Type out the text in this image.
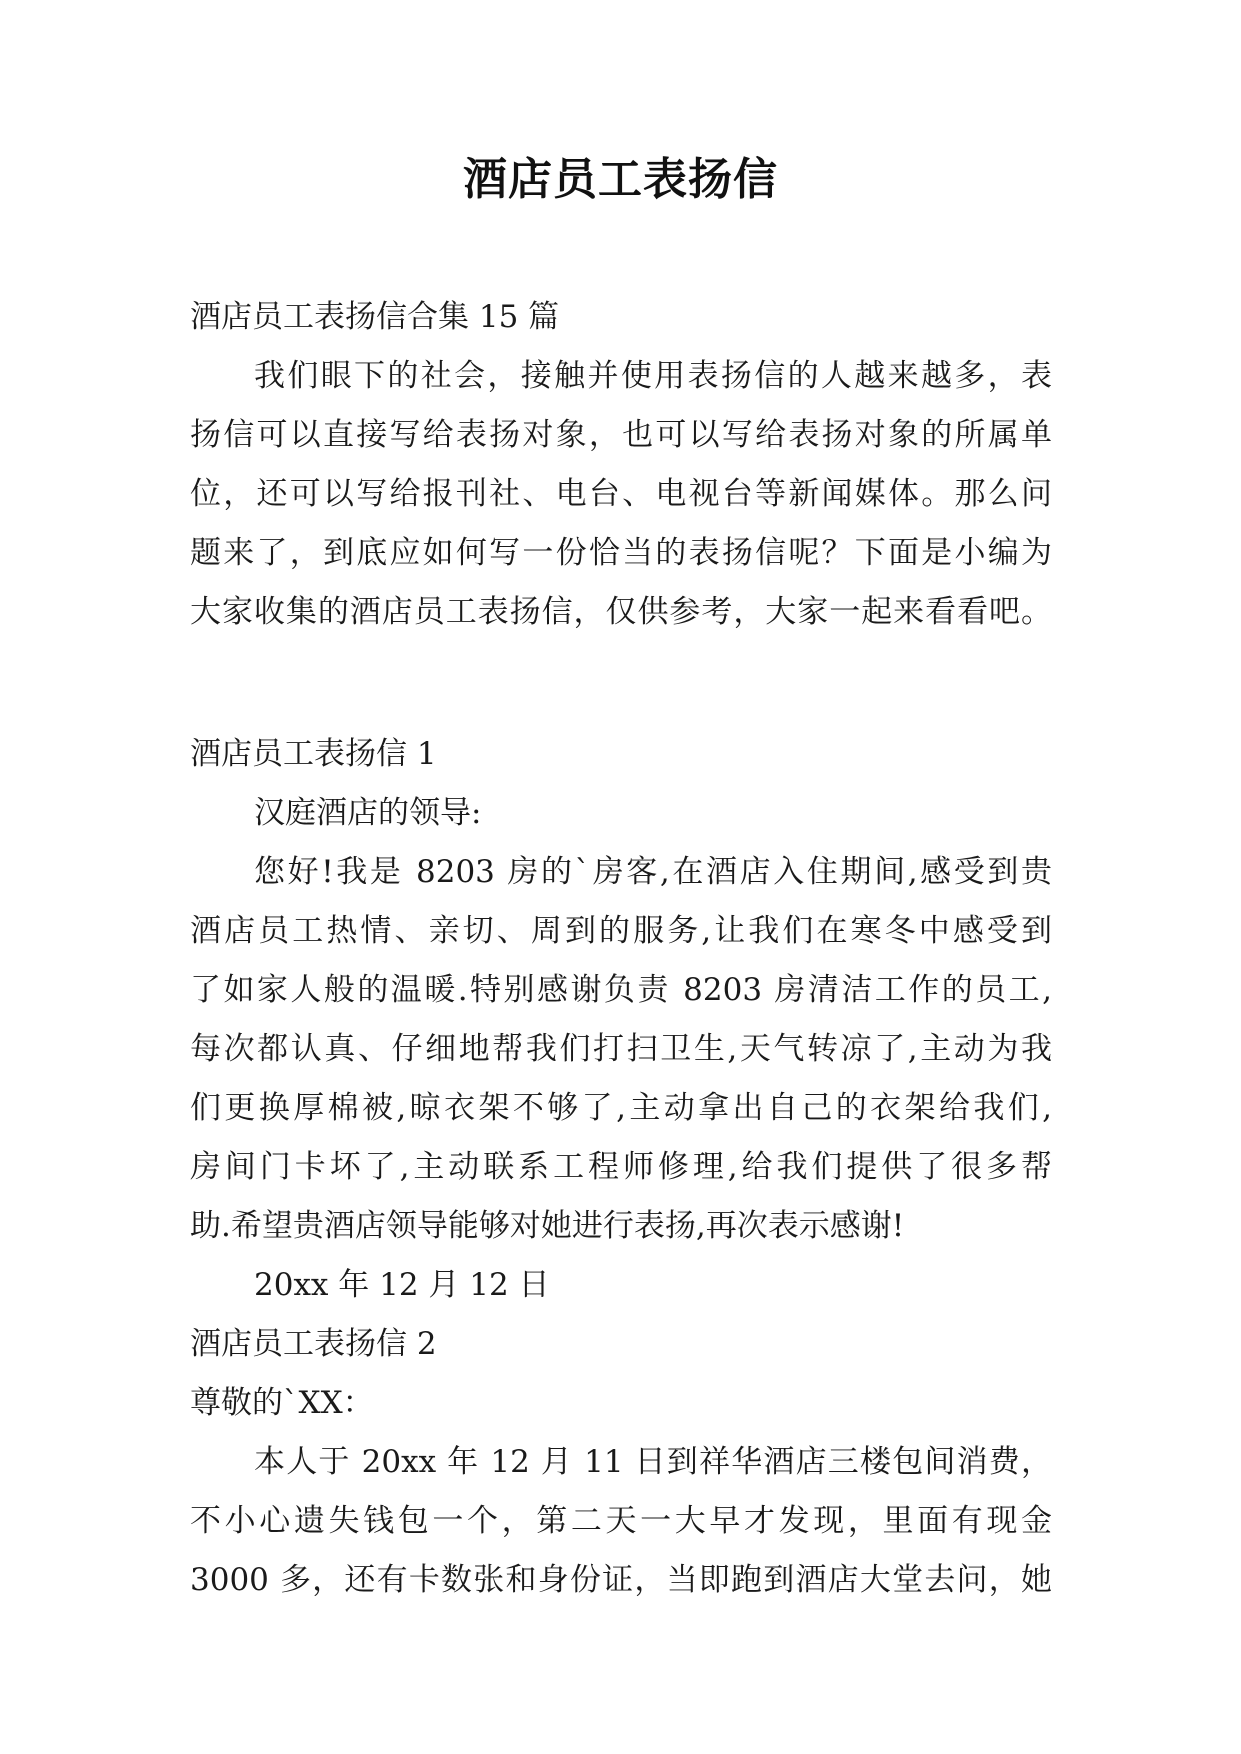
酒店员工表扬信
酒店员工表扬信合集 15 篇
我们眼下的社会，接触并使用表扬信的人越来越多，表
扬信可以直接写给表扬对象，也可以写给表扬对象的所属单
位，还可以写给报刊社、电台、电视台等新闻媒体。那么问
题来了，到底应如何写一份恰当的表扬信呢？下面是小编为
大家收集的酒店员工表扬信，仅供参考，大家一起来看看吧。
酒店员工表扬信 1
汉庭酒店的领导:
您好!我是 8203 房的`房客,在酒店入住期间,感受到贵
酒店员工热情、亲切、周到的服务,让我们在寒冬中感受到
了如家人般的温暖.特别感谢负责 8203 房清洁工作的员工,
每次都认真、仔细地帮我们打扫卫生,天气转凉了,主动为我
们更换厚棉被,晾衣架不够了,主动拿出自己的衣架给我们,
房间门卡坏了,主动联系工程师修理,给我们提供了很多帮
助.希望贵酒店领导能够对她进行表扬,再次表示感谢!
20xx 年 12 月 12 日
酒店员工表扬信 2
尊敬的`XX：
本人于 20xx 年 12 月 11 日到祥华酒店三楼包间消费，
不小心遗失钱包一个，第二天一大早才发现，里面有现金
3000 多，还有卡数张和身份证，当即跑到酒店大堂去问，她
